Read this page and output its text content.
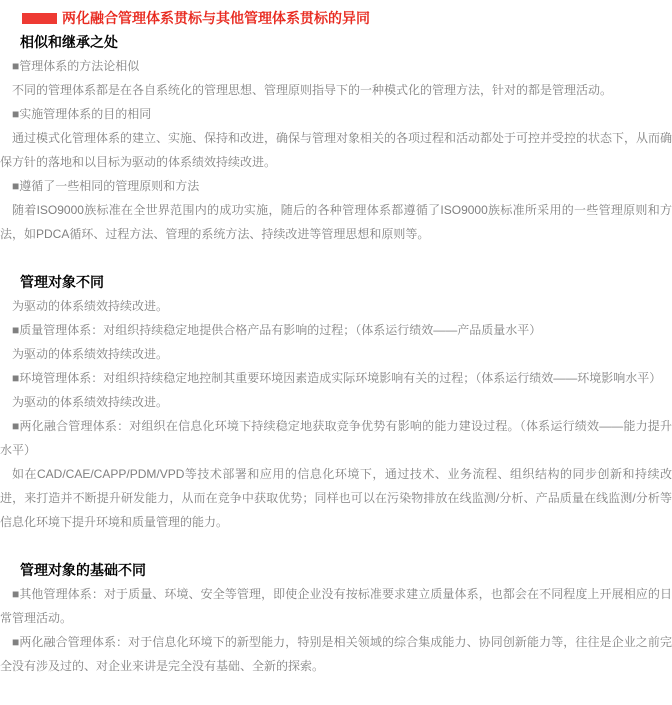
两化融合管理体系贯标与其他管理体系贯标的异同
相似和继承之处

■管理体系的方法论相似

不同的管理体系都是在各自系统化的管理思想、管理原则指导下的一种模式化的管理方法，针对的都是管理活动。

■实施管理体系的目的相同

通过模式化管理体系的建立、实施、保持和改进，确保与管理对象相关的各项过程和活动都处于可控并受控的状态下，从而确保方针的落地和以目标为驱动的体系绩效持续改进。

■遵循了一些相同的管理原则和方法

随着ISO9000族标准在全世界范围内的成功实施，随后的各种管理体系都遵循了ISO9000族标准所采用的一些管理原则和方法，如PDCA循环、过程方法、管理的系统方法、持续改进等管理思想和原则等。

管理对象不同

为驱动的体系绩效持续改进。

■质量管理体系：对组织持续稳定地提供合格产品有影响的过程；（体系运行绩效——产品质量水平）

为驱动的体系绩效持续改进。

■环境管理体系：对组织持续稳定地控制其重要环境因素造成实际环境影响有关的过程；（体系运行绩效——环境影响水平）

为驱动的体系绩效持续改进。

■两化融合管理体系：对组织在信息化环境下持续稳定地获取竞争优势有影响的能力建设过程。（体系运行绩效——能力提升水平）

如在CAD/CAE/CAPP/PDM/VPD等技术部署和应用的信息化环境下，通过技术、业务流程、组织结构的同步创新和持续改进，来打造并不断提升研发能力，从而在竞争中获取优势；同样也可以在污染物排放在线监测/分析、产品质量在线监测/分析等信息化环境下提升环境和质量管理的能力。

管理对象的基础不同

■其他管理体系：对于质量、环境、安全等管理，即使企业没有按标准要求建立质量体系，也都会在不同程度上开展相应的日常管理活动。

■两化融合管理体系：对于信息化环境下的新型能力，特别是相关领域的综合集成能力、协同创新能力等，往往是企业之前完全没有涉及过的、对企业来讲是完全没有基础、全新的探索。
